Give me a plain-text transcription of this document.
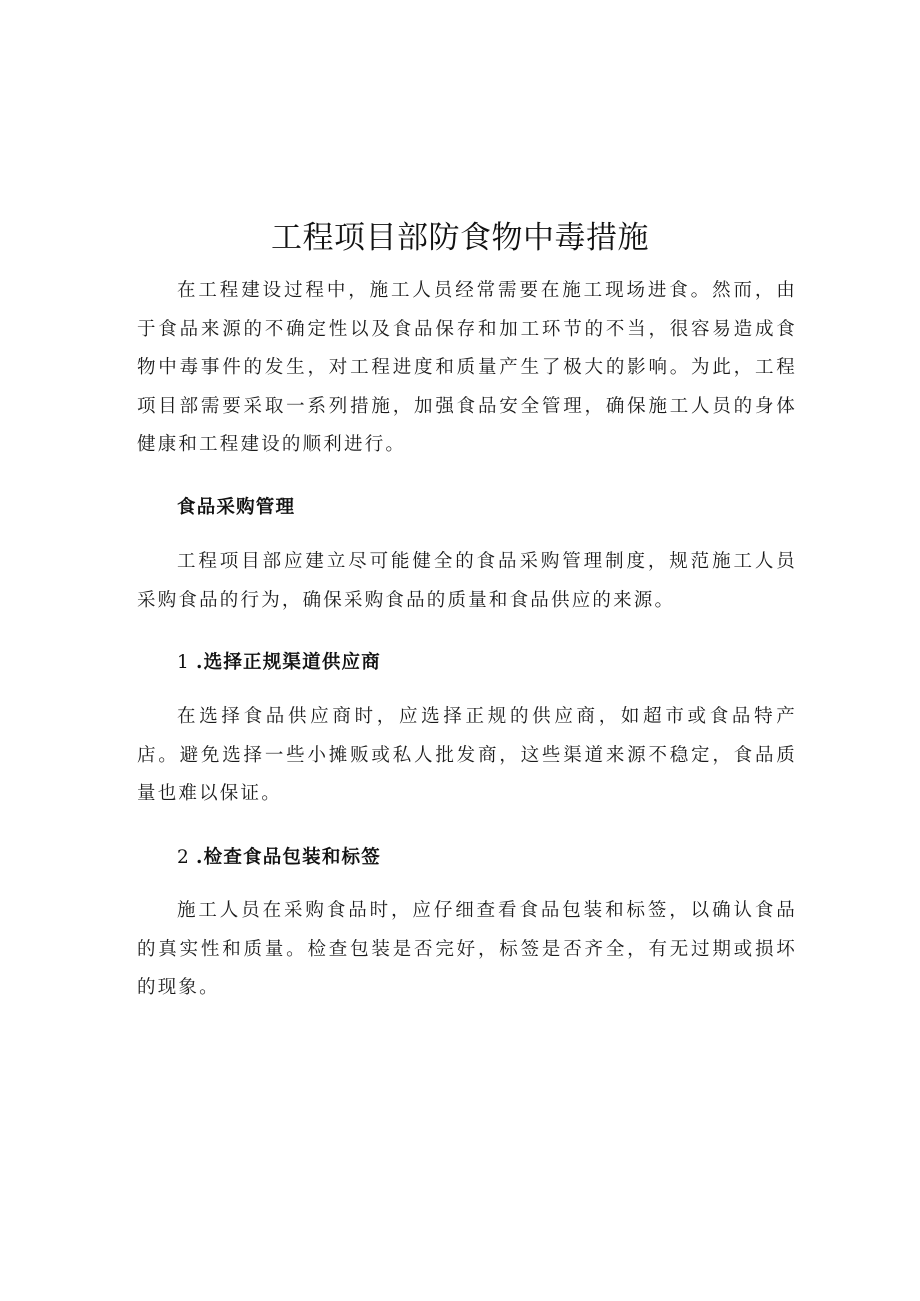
工程项目部防食物中毒措施

在工程建设过程中，施工人员经常需要在施工现场进食。然而，由于食品来源的不确定性以及食品保存和加工环节的不当，很容易造成食物中毒事件的发生，对工程进度和质量产生了极大的影响。为此，工程项目部需要采取一系列措施，加强食品安全管理，确保施工人员的身体健康和工程建设的顺利进行。

食品采购管理

工程项目部应建立尽可能健全的食品采购管理制度，规范施工人员采购食品的行为，确保采购食品的质量和食品供应的来源。

1 .选择正规渠道供应商

在选择食品供应商时，应选择正规的供应商，如超市或食品特产店。避免选择一些小摊贩或私人批发商，这些渠道来源不稳定，食品质量也难以保证。

2 .检查食品包装和标签

施工人员在采购食品时，应仔细查看食品包装和标签，以确认食品的真实性和质量。检查包装是否完好，标签是否齐全，有无过期或损坏的现象。
